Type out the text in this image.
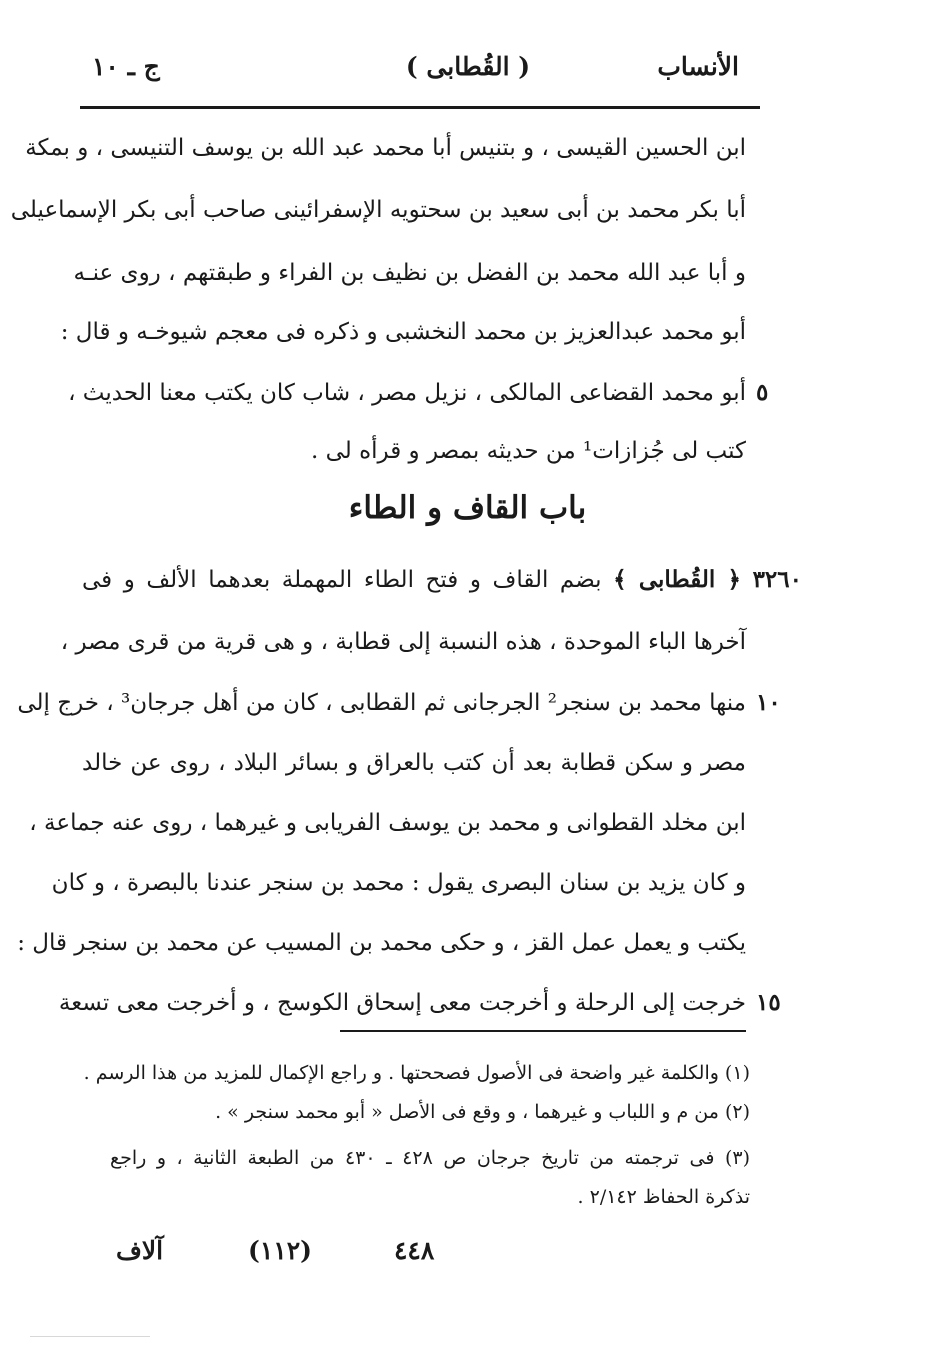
ج ـ ١٠	( القُطابى )	الأنساب
ابن الحسين القيسى ، و بتنيس أبا محمد عبد الله بن يوسف التنيسى ، و بمكة
أبا بكر محمد بن أبى سعيد بن سحتويه الإسفرائينى صاحب أبى بكر الإسماعيلى
و أبا عبد الله محمد بن الفضل بن نظيف بن الفراء و طبقتهم ، روى عنـه
أبو محمد عبدالعزيز بن محمد النخشبى و ذكره فى معجم شيوخـه و قال :
أبو محمد القضاعى المالكى ، نزيل مصر ، شاب كان يكتب معنا الحديث ، ٥
كتب لى جُزازات¹ من حديثه بمصر و قرأه لى .
باب القاف و الطاء
٣٢٦٠ ﴿ القُطابى ﴾ بضم القاف و فتح الطاء المهملة بعدهما الألف و فى
آخرها الباء الموحدة ، هذه النسبة إلى قطابة ، و هى قرية من قرى مصر ،
منها محمد بن سنجر² الجرجانى ثم القطابى ، كان من أهل جرجان³ ، خرج إلى ١٠
مصر و سكن قطابة بعد أن كتب بالعراق و بسائر البلاد ، روى عن خالد
ابن مخلد القطوانى و محمد بن يوسف الفريابى و غيرهما ، روى عنه جماعة ،
و كان يزيد بن سنان البصرى يقول : محمد بن سنجر عندنا بالبصرة ، و كان
يكتب و يعمل عمل القز ، و حكى محمد بن المسيب عن محمد بن سنجر قال :
خرجت إلى الرحلة و أخرجت معى إسحاق الكوسج ، و أخرجت معى تسعة ١٥
(١) والكلمة غير واضحة فى الأصول فصححتها . و راجع الإكمال للمزيد من هذا الرسم .
(٢) من م و اللباب و غيرهما ، و وقع فى الأصل « أبو محمد سنجر » .
(٣) فى ترجمته من تاريخ جرجان ص ٤٢٨ ـ ٤٣٠ من الطبعة الثانية ، و راجع
تذكرة الحفاظ ٢/١٤٢ .
٤٤٨
(١١٢)
آلاف
